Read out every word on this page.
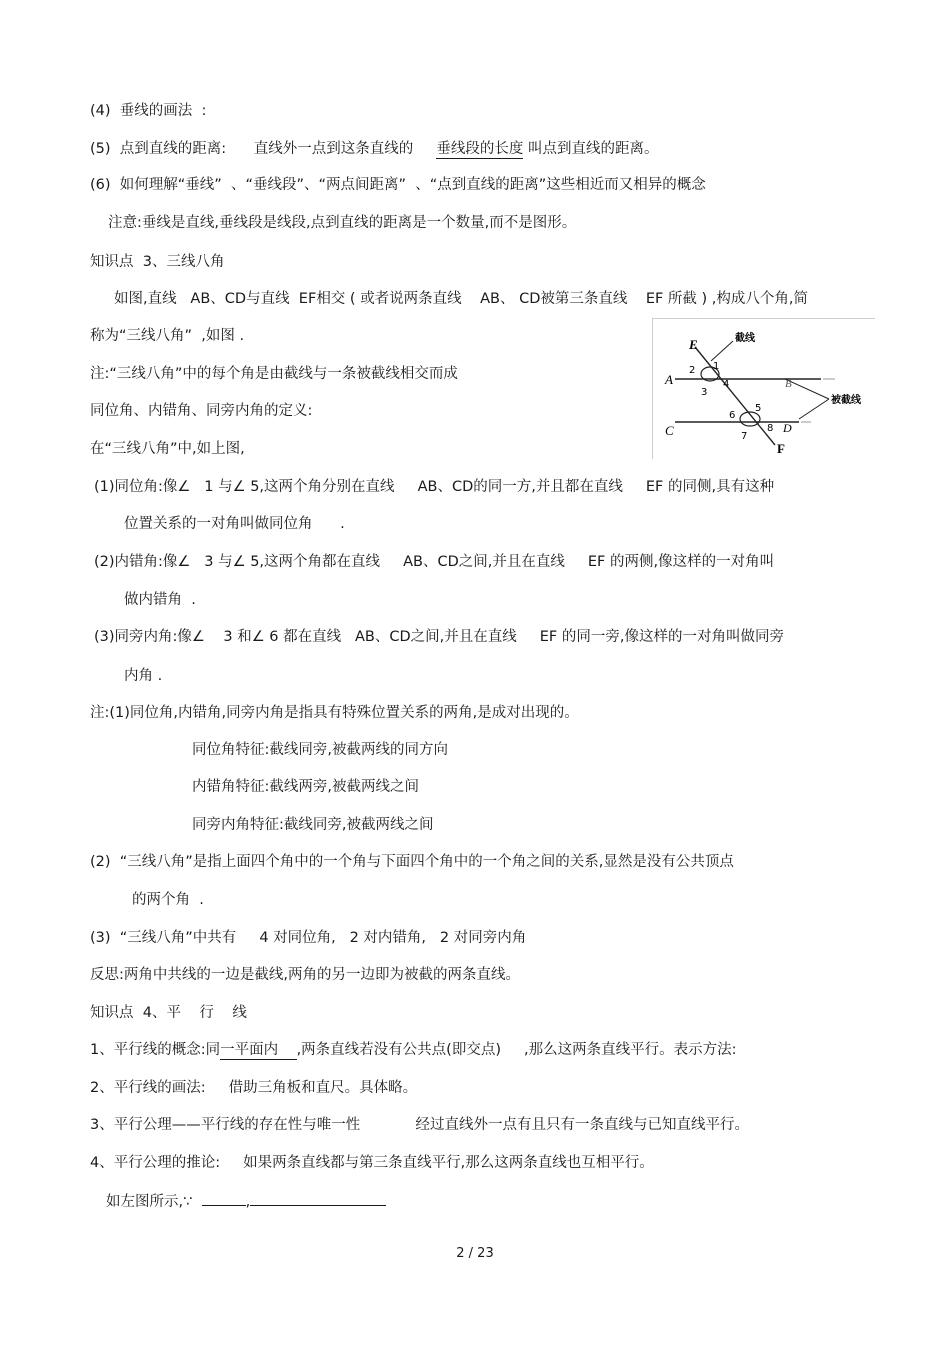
(4)  垂线的画法  :
(5)  点到直线的距离:      直线外一点到这条直线的     垂线段的长度 叫点到直线的距离。
(6)  如何理解“垂线”  、“垂线段”、“两点间距离”  、“点到直线的距离”这些相近而又相异的概念
注意:垂线是直线,垂线段是线段,点到直线的距离是一个数量,而不是图形。
知识点  3、三线八角
如图,直线   AB、CD与直线  EF相交 ( 或者说两条直线    AB、 CD被第三条直线    EF 所截 ) ,构成八个角,简
称为“三线八角”  ,如图 .
注:“三线八角”中的每个角是由截线与一条被截线相交而成
同位角、内错角、同旁内角的定义:
在“三线八角”中,如上图,
E
F
A	B
C	D
截线
被截线
1
2
3
4
5
6
7
8
(1)同位角:像∠   1 与∠ 5,这两个角分别在直线     AB、CD的同一方,并且都在直线     EF 的同侧,具有这种
位置关系的一对角叫做同位角      .
(2)内错角:像∠   3 与∠ 5,这两个角都在直线     AB、CD之间,并且在直线     EF 的两侧,像这样的一对角叫
做内错角  .
(3)同旁内角:像∠    3 和∠ 6 都在直线   AB、CD之间,并且在直线     EF 的同一旁,像这样的一对角叫做同旁
内角 .
注:(1)同位角,内错角,同旁内角是指具有特殊位置关系的两角,是成对出现的。
同位角特征:截线同旁,被截两线的同方向
内错角特征:截线两旁,被截两线之间
同旁内角特征:截线同旁,被截两线之间
(2)  “三线八角”是指上面四个角中的一个角与下面四个角中的一个角之间的关系,显然是没有公共顶点
的两个角  .
(3)  “三线八角”中共有     4 对同位角,   2 对内错角,   2 对同旁内角
反思:两角中共线的一边是截线,两角的另一边即为被截的两条直线。
知识点  4、平    行    线
1、平行线的概念:同一平面内    ,两条直线若没有公共点(即交点)     ,那么这两条直线平行。表示方法:
2、平行线的画法:     借助三角板和直尺。具体略。
3、平行公理——平行线的存在性与唯一性            经过直线外一点有且只有一条直线与已知直线平行。
4、平行公理的推论:     如果两条直线都与第三条直线平行,那么这两条直线也互相平行。
如左图所示,∵	,
2 / 23
